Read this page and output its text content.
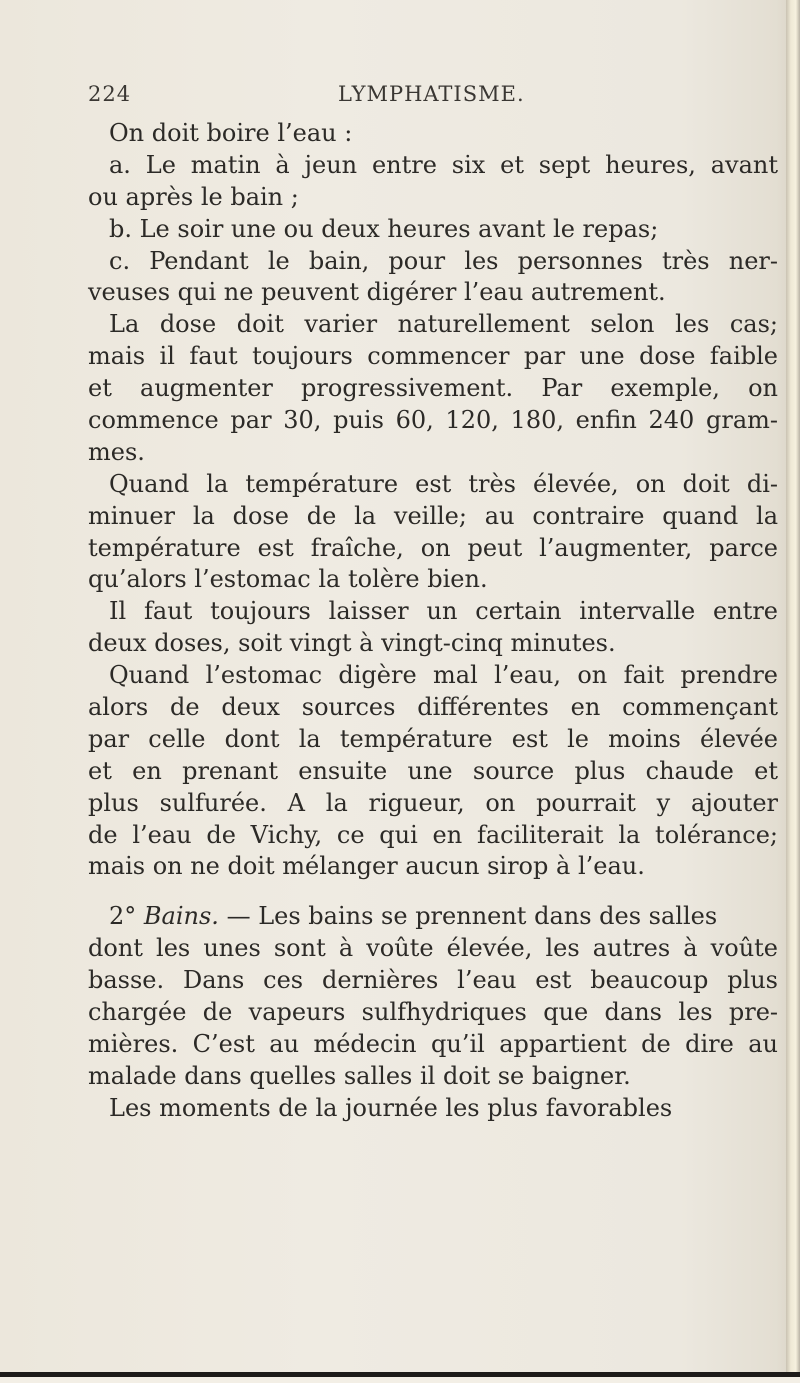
224	LYMPHATISME.
On doit boire l’eau :
a. Le matin à jeun entre six et sept heures, avant
ou après le bain ;
b. Le soir une ou deux heures avant le repas;
c. Pendant le bain, pour les personnes très ner-
veuses qui ne peuvent digérer l’eau autrement.
La dose doit varier naturellement selon les cas;
mais il faut toujours commencer par une dose faible
et augmenter progressivement. Par exemple, on
commence par 30, puis 60, 120, 180, enfin 240 gram-
mes.
Quand la température est très élevée, on doit di-
minuer la dose de la veille; au contraire quand la
température est fraîche, on peut l’augmenter, parce
qu’alors l’estomac la tolère bien.
Il faut toujours laisser un certain intervalle entre
deux doses, soit vingt à vingt-cinq minutes.
Quand l’estomac digère mal l’eau, on fait prendre
alors de deux sources différentes en commençant
par celle dont la température est le moins élevée
et en prenant ensuite une source plus chaude et
plus sulfurée. A la rigueur, on pourrait y ajouter
de l’eau de Vichy, ce qui en faciliterait la tolérance;
mais on ne doit mélanger aucun sirop à l’eau.
2° Bains. — Les bains se prennent dans des salles
dont les unes sont à voûte élevée, les autres à voûte
basse. Dans ces dernières l’eau est beaucoup plus
chargée de vapeurs sulfhydriques que dans les pre-
mières. C’est au médecin qu’il appartient de dire au
malade dans quelles salles il doit se baigner.
Les moments de la journée les plus favorables
